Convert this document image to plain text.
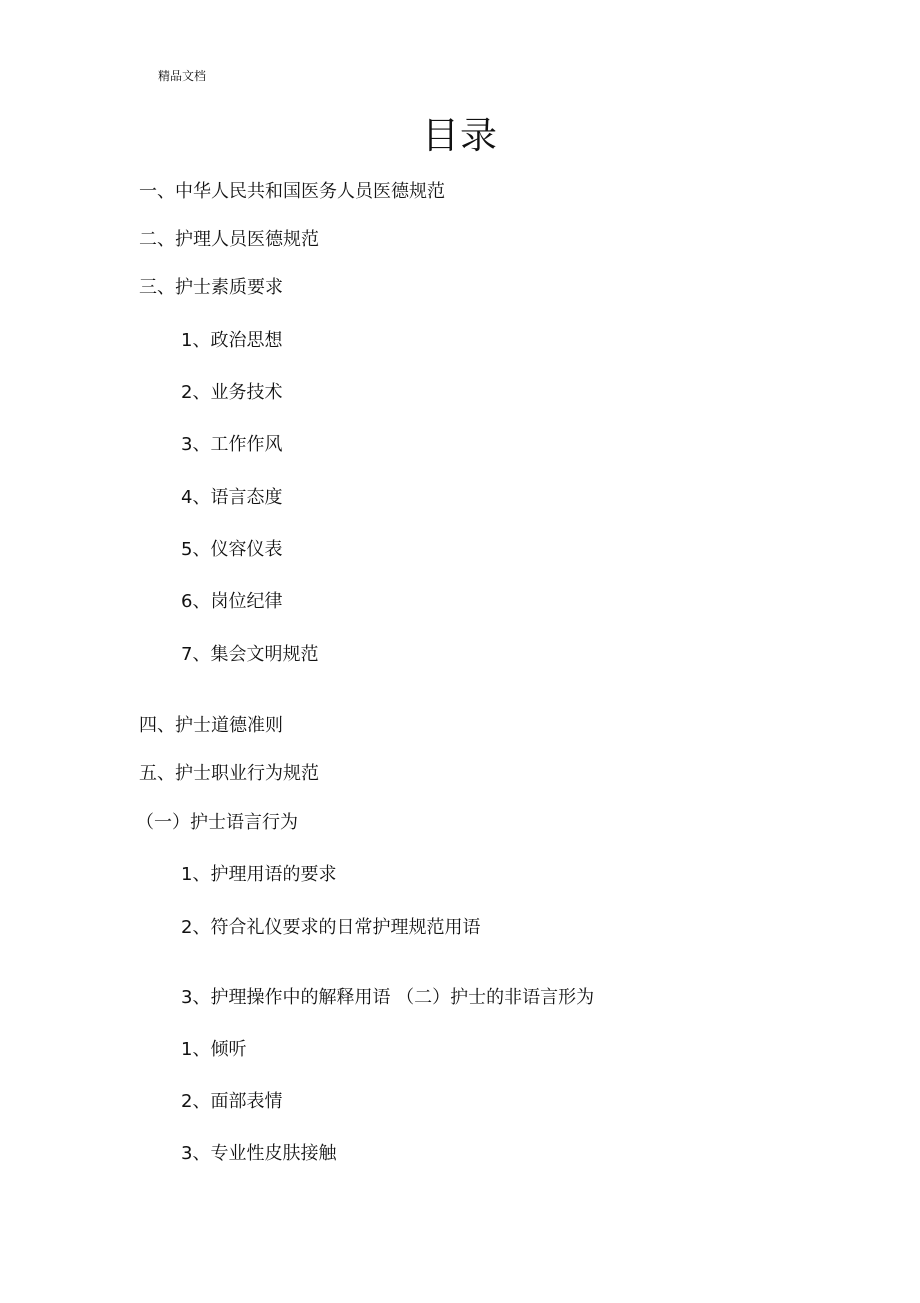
精品文档
目录
一、中华人民共和国医务人员医德规范
二、护理人员医德规范
三、护士素质要求
1、政治思想
2、业务技术
3、工作作风
4、语言态度
5、仪容仪表
6、岗位纪律
7、集会文明规范
四、护士道德准则
五、护士职业行为规范
（一）护士语言行为
1、护理用语的要求
2、符合礼仪要求的日常护理规范用语
3、护理操作中的解释用语 （二）护士的非语言形为
1、倾听
2、面部表情
3、专业性皮肤接触
